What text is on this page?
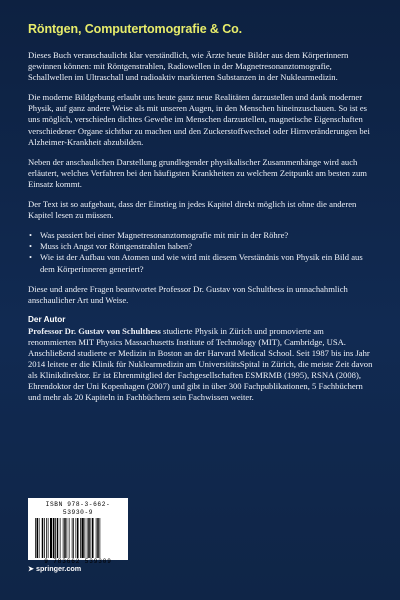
Röntgen, Computertomografie & Co.

Dieses Buch veranschaulicht klar verständlich, wie Ärzte heute Bilder aus dem Körperinnern gewinnen können: mit Röntgenstrahlen, Radiowellen in der Magnetresonanztomografie, Schallwellen im Ultraschall und radioaktiv markierten Substanzen in der Nuklearmedizin.

Die moderne Bildgebung erlaubt uns heute ganz neue Realitäten darzustellen und dank moderner Physik, auf ganz andere Weise als mit unseren Augen, in den Menschen hineinzuschauen. So ist es uns möglich, verschieden dichtes Gewebe im Menschen darzustellen, magnetische Eigenschaften verschiedener Organe sichtbar zu machen und den Zuckerstoffwechsel oder Hirnveränderungen bei Alzheimer-Krankheit abzubilden.

Neben der anschaulichen Darstellung grundlegender physikalischer Zusammenhänge wird auch erläutert, welches Verfahren bei den häufigsten Krankheiten zu welchem Zeitpunkt am besten zum Einsatz kommt.

Der Text ist so aufgebaut, dass der Einstieg in jedes Kapitel direkt möglich ist ohne die anderen Kapitel lesen zu müssen.

• Was passiert bei einer Magnetresonanztomografie mit mir in der Röhre?
• Muss ich Angst vor Röntgenstrahlen haben?
• Wie ist der Aufbau von Atomen und wie wird mit diesem Verständnis von Physik ein Bild aus dem Körperinneren generiert?

Diese und andere Fragen beantwortet Professor Dr. Gustav von Schulthess in unnachahmlich anschaulicher Art und Weise.

Der Autor

Professor Dr. Gustav von Schulthess studierte Physik in Zürich und promovierte am renommierten MIT Physics Massachusetts Institute of Technology (MIT), Cambridge, USA. Anschließend studierte er Medizin in Boston an der Harvard Medical School. Seit 1987 bis ins Jahr 2014 leitete er die Klinik für Nuklearmedizin am UniversitätsSpital in Zürich, die meiste Zeit davon als Klinikdirektor. Er ist Ehrenmitglied der Fachgesellschaften ESMRMB (1995), RSNA (2008), Ehrendoktor der Uni Kopenhagen (2007) und gibt in über 300 Fachpublikationen, 5 Fachbüchern und mehr als 20 Kapiteln in Fachbüchern sein Fachwissen weiter.

ISBN 978-3-662-53930-9
9 783662 539309
➤ springer.com
